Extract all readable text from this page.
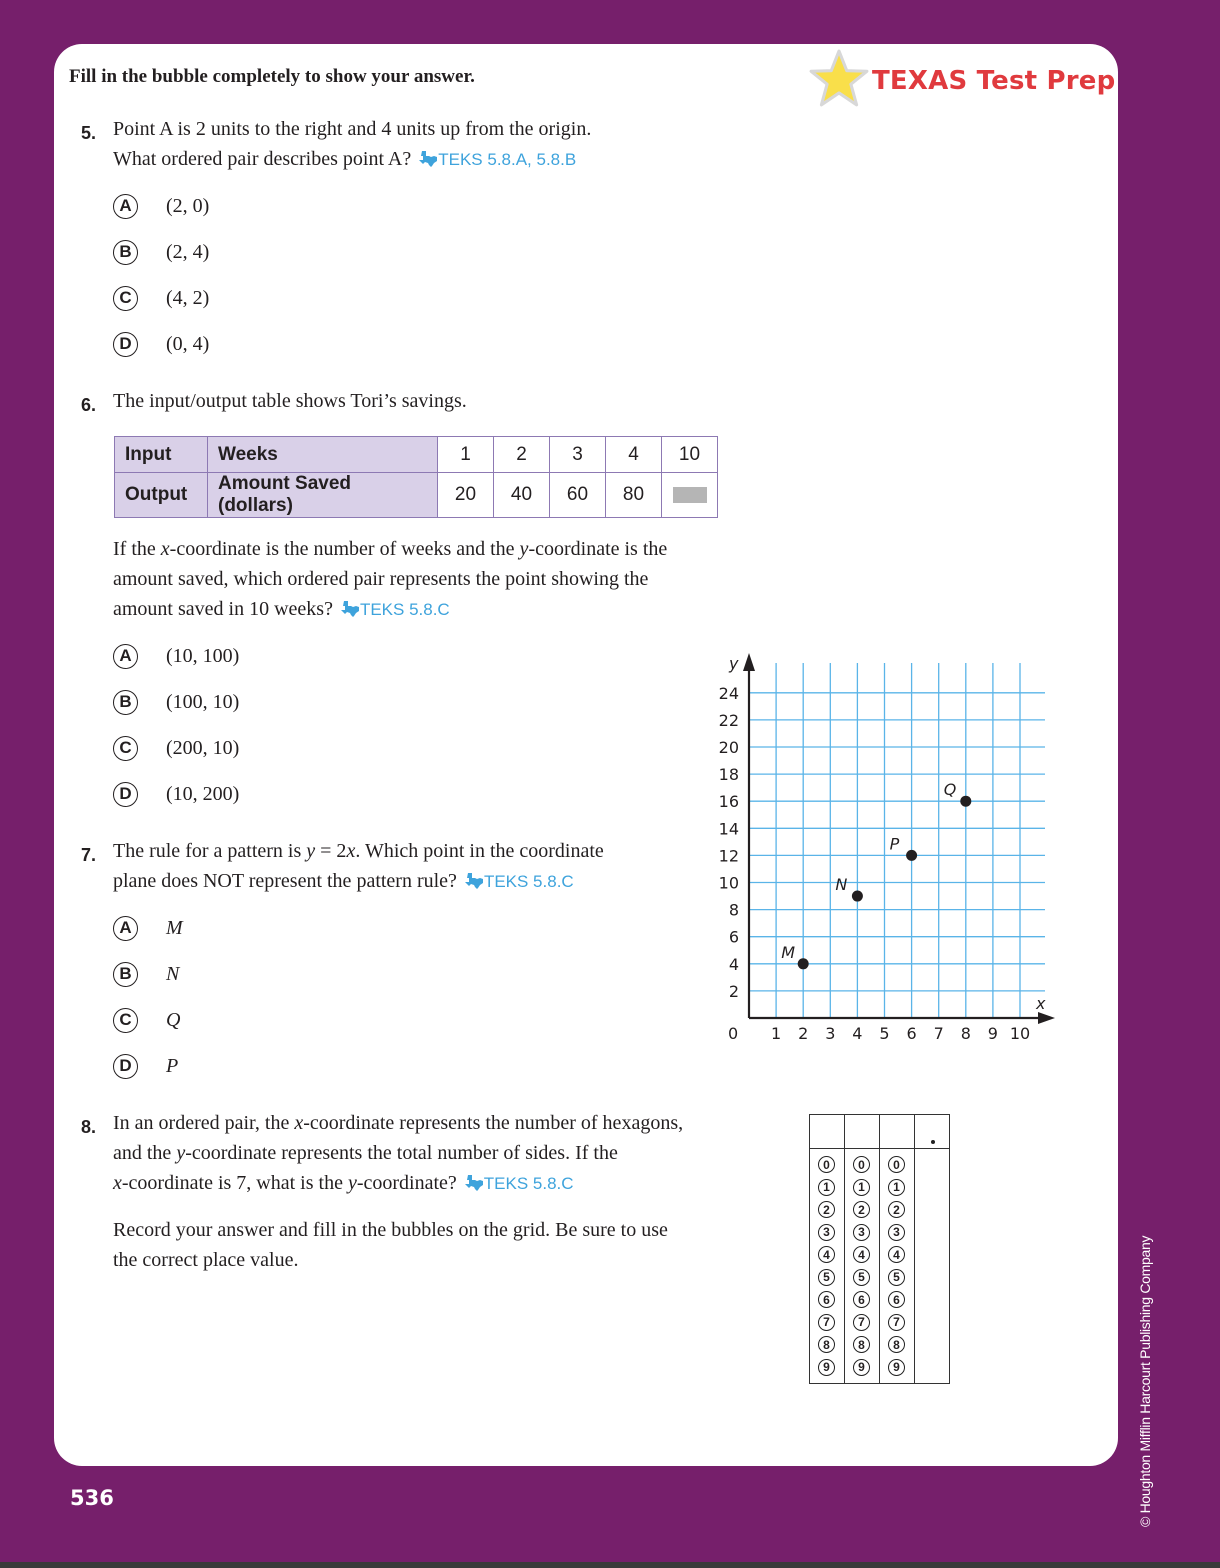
Fill in the bubble completely to show your answer.	TEXAS Test Prep
5. Point A is 2 units to the right and 4 units up from the origin.
What ordered pair describes point A? TEKS 5.8.A, 5.8.B
A	(2, 0)
B	(2, 4)
C	(4, 2)
D	(0, 4)
6. The input/output table shows Tori’s savings.
Input	Weeks	1	2	3	4	10
Output	Amount Saved (dollars)	20	40	60	80	
If the x-coordinate is the number of weeks and the y-coordinate is the
amount saved, which ordered pair represents the point showing the
amount saved in 10 weeks? TEKS 5.8.C
A	(10, 100)
B	(100, 10)
C	(200, 10)
D	(10, 200)
7. The rule for a pattern is y = 2x. Which point in the coordinate
plane does NOT represent the pattern rule? TEKS 5.8.C
A	M
B	N
C	Q
D	P
y
x
0 1 2 3 4 5 6 7 8 9 10
2
4
6
8
10
12
14
16
18
20
22
24
M
N
P
Q
8. In an ordered pair, the x-coordinate represents the number of hexagons,
and the y-coordinate represents the total number of sides. If the
x-coordinate is 7, what is the y-coordinate? TEKS 5.8.C
Record your answer and fill in the bubbles on the grid. Be sure to use
the correct place value.
0
1
2
3
4
5
6
7
8
9
0
1
2
3
4
5
6
7
8
9
0
1
2
3
4
5
6
7
8
9
536	© Houghton Mifflin Harcourt Publishing Company
